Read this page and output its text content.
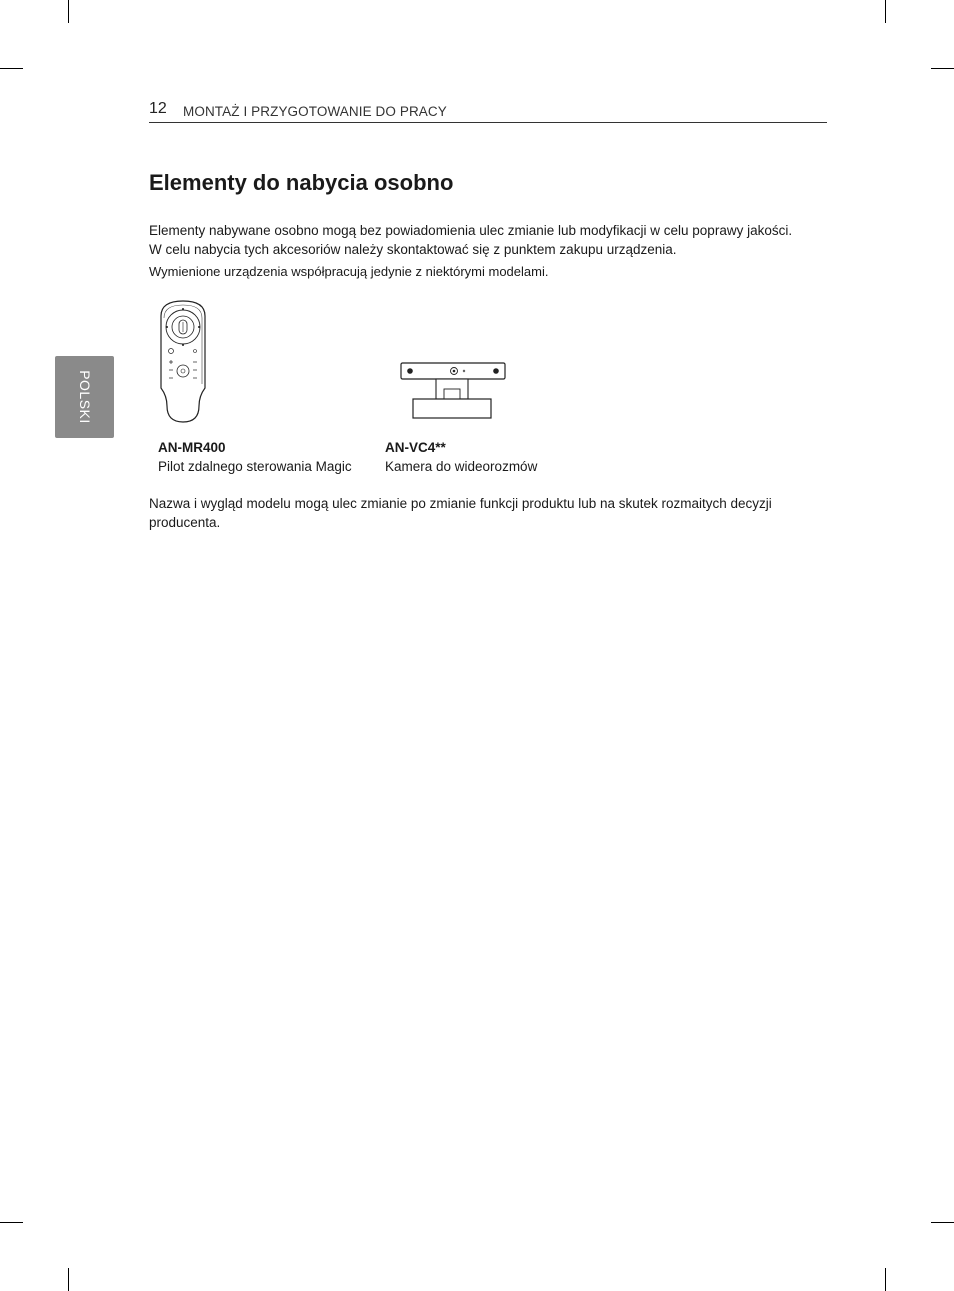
12 MONTAŻ I PRZYGOTOWANIE DO PRACY
POLSKI
Elementy do nabycia osobno

Elementy nabywane osobno mogą bez powiadomienia ulec zmianie lub modyfikacji w celu poprawy jakości.

W celu nabycia tych akcesoriów należy skontaktować się z punktem zakupu urządzenia.

Wymienione urządzenia współpracują jedynie z niektórymi modelami.

AN-MR400
Pilot zdalnego sterowania Magic
AN-VC4**
Kamera do wideorozmów

Nazwa i wygląd modelu mogą ulec zmianie po zmianie funkcji produktu lub na skutek rozmaitych decyzji producenta.
